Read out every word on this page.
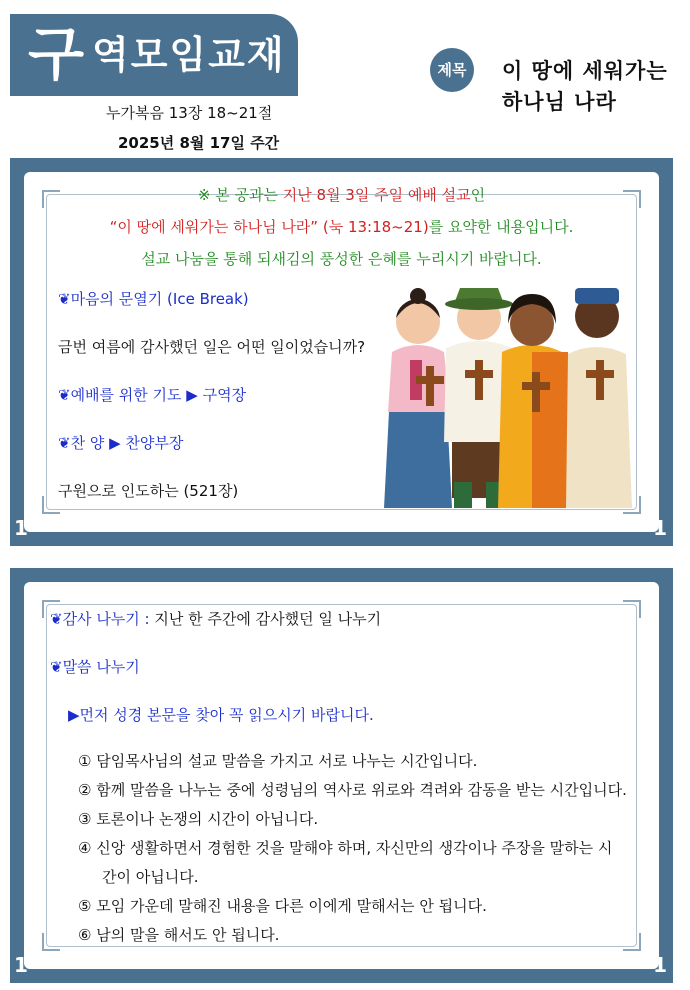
구 역모임교재
누가복음 13장 18~21절
2025년 8월 17일 주간
제목	이 땅에 세워가는
하나님 나라
※ 본 공과는 지난 8월 3일 주일 예배 설교인
“이 땅에 세워가는 하나님 나라” (눅 13:18~21)를 요약한 내용입니다.
설교 나눔을 통해 되새김의 풍성한 은혜를 누리시기 바랍니다.
❦마음의 문열기 (Ice Break)
금번 여름에 감사했던 일은 어떤 일이었습니까?
❦예배를 위한 기도 ▶ 구역장
❦찬 양 ▶ 찬양부장
구원으로 인도하는 (521장)
1	1
❦감사 나누기 : 지난 한 주간에 감사했던 일 나누기
❦말씀 나누기
▶먼저 성경 본문을 찾아 꼭 읽으시기 바랍니다.
① 담임목사님의 설교 말씀을 가지고 서로 나누는 시간입니다.
② 함께 말씀을 나누는 중에 성령님의 역사로 위로와 격려와 감동을 받는 시간입니다.
③ 토론이나 논쟁의 시간이 아닙니다.
④ 신앙 생활하면서 경험한 것을 말해야 하며, 자신만의 생각이나 주장을 말하는 시
간이 아닙니다.
⑤ 모임 가운데 말해진 내용을 다른 이에게 말해서는 안 됩니다.
⑥ 남의 말을 해서도 안 됩니다.
1	1
